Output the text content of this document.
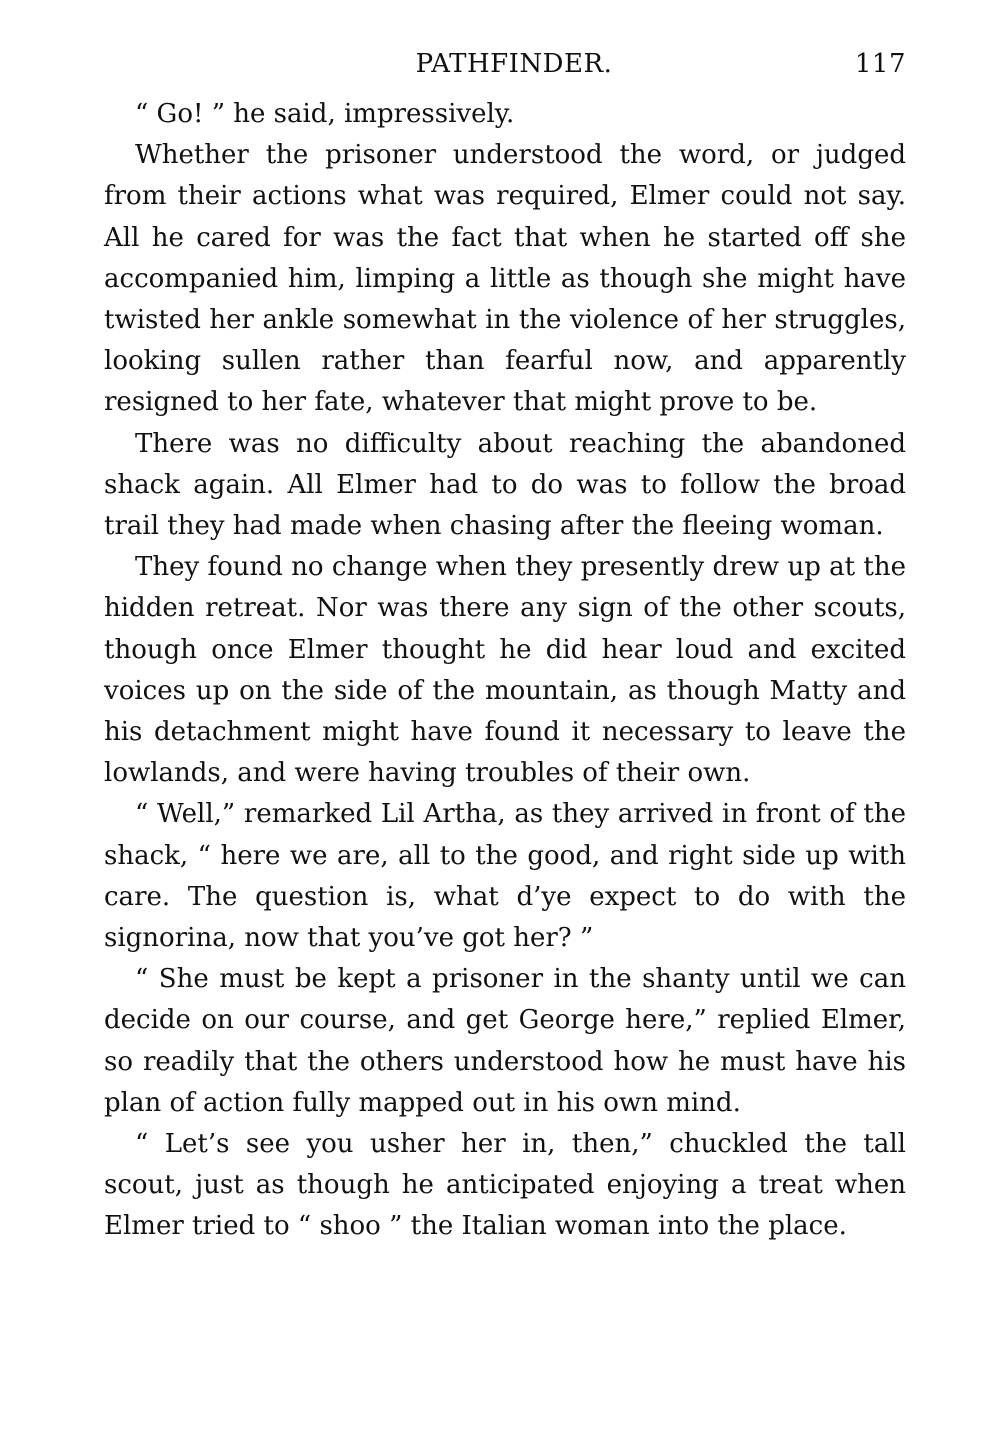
PATHFINDER.	117

“ Go! ” he said, impressively.

Whether the prisoner understood the word, or judged from their actions what was required, Elmer could not say. All he cared for was the fact that when he started off she accompanied him, limping a little as though she might have twisted her ankle somewhat in the violence of her struggles, looking sullen rather than fearful now, and apparently resigned to her fate, whatever that might prove to be.

There was no difficulty about reaching the abandoned shack again. All Elmer had to do was to follow the broad trail they had made when chasing after the fleeing woman.

They found no change when they presently drew up at the hidden retreat. Nor was there any sign of the other scouts, though once Elmer thought he did hear loud and excited voices up on the side of the mountain, as though Matty and his detachment might have found it necessary to leave the lowlands, and were having troubles of their own.

“ Well,” remarked Lil Artha, as they arrived in front of the shack, “ here we are, all to the good, and right side up with care. The question is, what d’ye expect to do with the signorina, now that you’ve got her? ”

“ She must be kept a prisoner in the shanty until we can decide on our course, and get George here,” replied Elmer, so readily that the others understood how he must have his plan of action fully mapped out in his own mind.

“ Let’s see you usher her in, then,” chuckled the tall scout, just as though he anticipated enjoying a treat when Elmer tried to “ shoo ” the Italian woman into the place.
